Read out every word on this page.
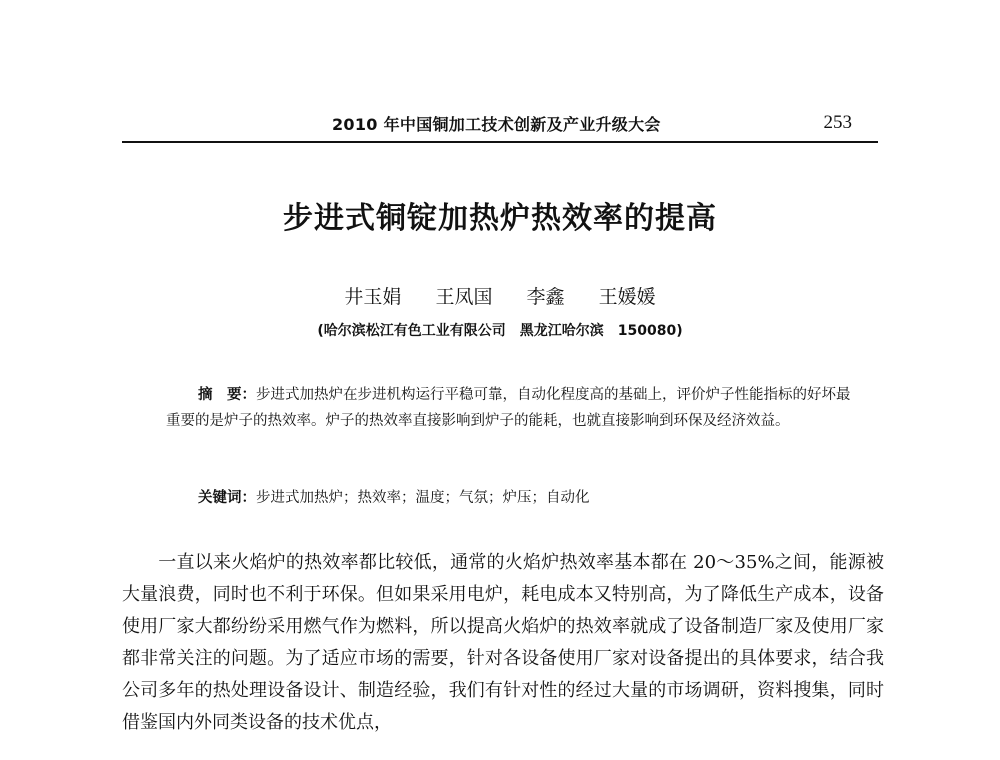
2010 年中国铜加工技术创新及产业升级大会	253
步进式铜锭加热炉热效率的提高
井玉娟 王凤国 李鑫 王媛媛
(哈尔滨松江有色工业有限公司　黑龙江哈尔滨　150080)
摘　要：步进式加热炉在步进机构运行平稳可靠，自动化程度高的基础上，评价炉子性能指标的好坏最重要的是炉子的热效率。炉子的热效率直接影响到炉子的能耗，也就直接影响到环保及经济效益。
关键词：步进式加热炉；热效率；温度；气氛；炉压；自动化
一直以来火焰炉的热效率都比较低，通常的火焰炉热效率基本都在 20～35%之间，能源被大量浪费，同时也不利于环保。但如果采用电炉，耗电成本又特别高，为了降低生产成本，设备使用厂家大都纷纷采用燃气作为燃料，所以提高火焰炉的热效率就成了设备制造厂家及使用厂家都非常关注的问题。为了适应市场的需要，针对各设备使用厂家对设备提出的具体要求，结合我公司多年的热处理设备设计、制造经验，我们有针对性的经过大量的市场调研，资料搜集，同时借鉴国内外同类设备的技术优点，
